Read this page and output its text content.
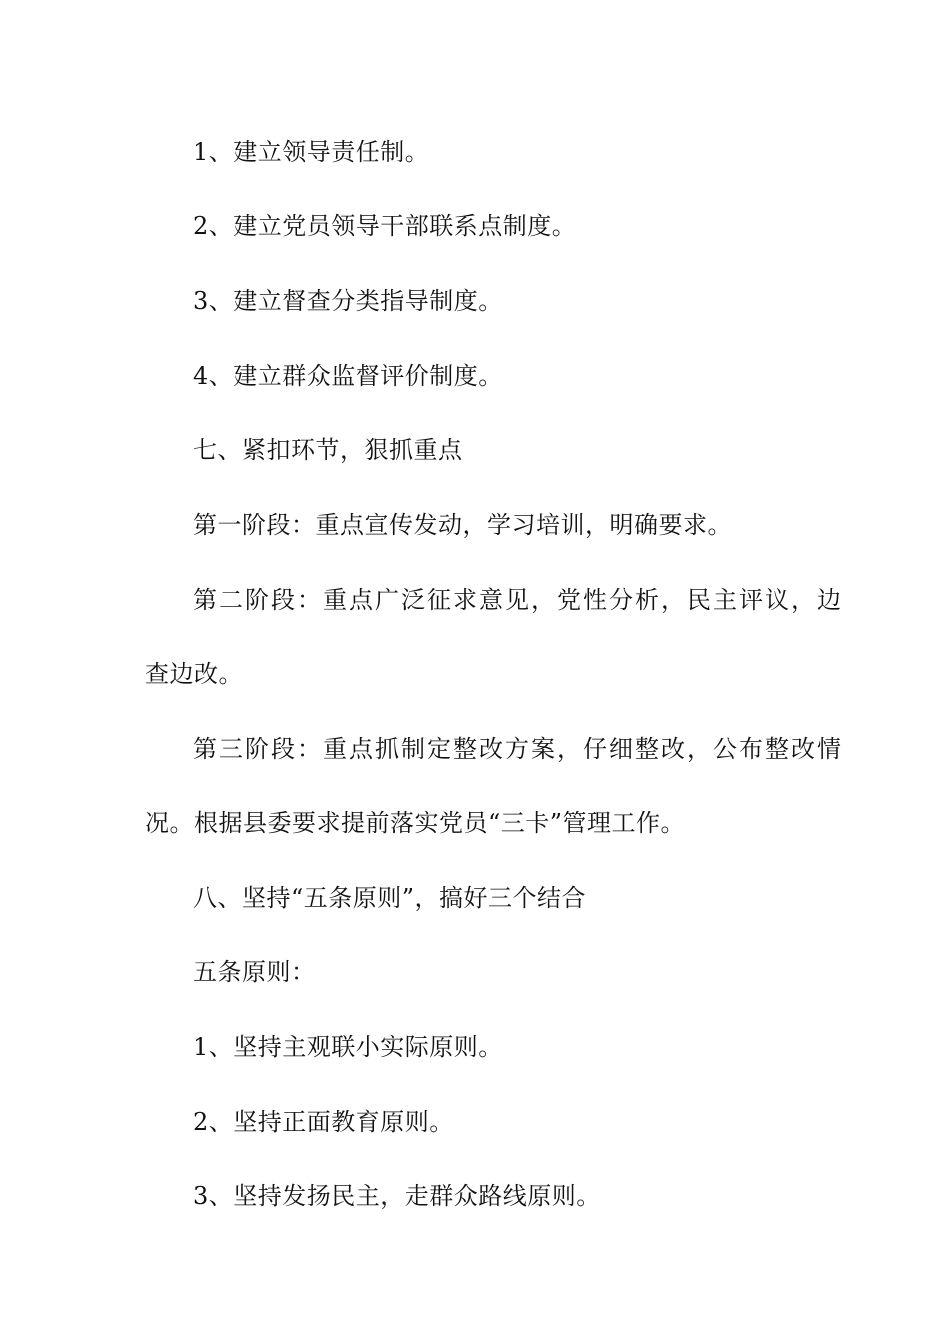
1、建立领导责任制。
2、建立党员领导干部联系点制度。
3、建立督查分类指导制度。
4、建立群众监督评价制度。
七、紧扣环节，狠抓重点
第一阶段：重点宣传发动，学习培训，明确要求。
第二阶段：重点广泛征求意见，党性分析，民主评议，边
查边改。
第三阶段：重点抓制定整改方案，仔细整改，公布整改情
况。根据县委要求提前落实党员“三卡”管理工作。
八、坚持“五条原则”，搞好三个结合
五条原则：
1、坚持主观联小实际原则。
2、坚持正面教育原则。
3、坚持发扬民主，走群众路线原则。
